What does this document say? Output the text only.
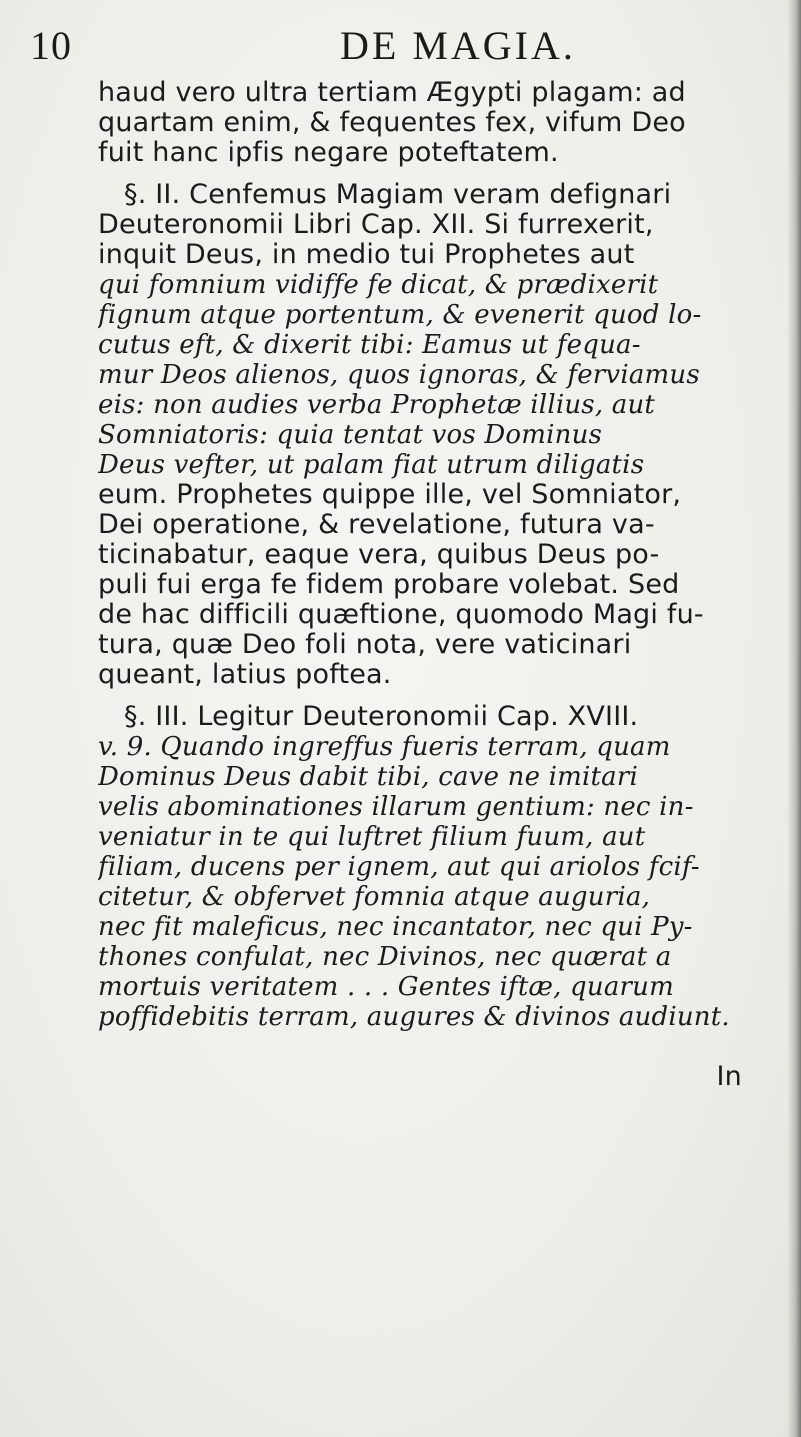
10	DE MAGIA.
haud vero ultra tertiam Ægypti plagam: ad
quartam enim, & fequentes fex, vifum Deo
fuit hanc ipfis negare poteftatem.
§. II. Cenfemus Magiam veram defignari
Deuteronomii Libri Cap. XII. Si furrexerit,
inquit Deus, in medio tui Prophetes aut
qui fomnium vidiffe fe dicat, & prædixerit
fignum atque portentum, & evenerit quod lo-
cutus eft, & dixerit tibi: Eamus ut fequa-
mur Deos alienos, quos ignoras, & ferviamus
eis: non audies verba Prophetæ illius, aut
Somniatoris: quia tentat vos Dominus
Deus vefter, ut palam fiat utrum diligatis
eum. Prophetes quippe ille, vel Somniator,
Dei operatione, & revelatione, futura va-
ticinabatur, eaque vera, quibus Deus po-
puli fui erga fe fidem probare volebat. Sed
de hac difficili quæftione, quomodo Magi fu-
tura, quæ Deo foli nota, vere vaticinari
queant, latius poftea.
§. III. Legitur Deuteronomii Cap. XVIII.
v. 9. Quando ingreffus fueris terram, quam
Dominus Deus dabit tibi, cave ne imitari
velis abominationes illarum gentium: nec in-
veniatur in te qui luftret filium fuum, aut
filiam, ducens per ignem, aut qui ariolos fcif-
citetur, & obfervet fomnia atque auguria,
nec fit maleficus, nec incantator, nec qui Py-
thones confulat, nec Divinos, nec quærat a
mortuis veritatem . . . Gentes iftæ, quarum
poffidebitis terram, augures & divinos audiunt.
In
